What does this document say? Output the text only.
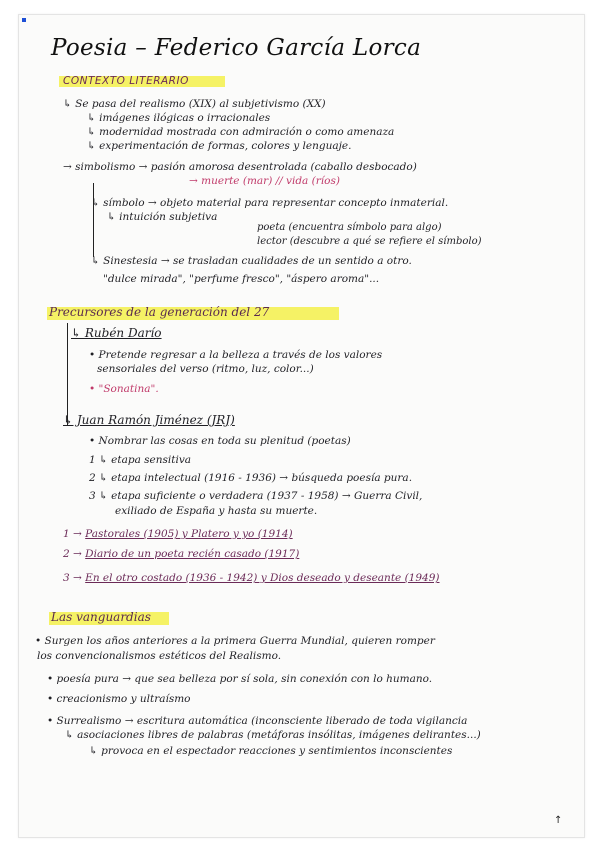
Poesia – Federico García Lorca
CONTEXTO LITERARIO
↳ Se pasa del realismo (XIX) al subjetivismo (XX)
↳ imágenes ilógicas o irracionales
↳ modernidad mostrada con admiración o como amenaza
↳ experimentación de formas, colores y lenguaje.
→ simbolismo → pasión amorosa desentrolada (caballo desbocado)
→ muerte (mar) // vida (ríos)
↳ símbolo → objeto material para representar concepto inmaterial.
↳ intuición subjetiva
poeta (encuentra símbolo para algo)
lector (descubre a qué se refiere el símbolo)
↳ Sinestesia → se trasladan cualidades de un sentido a otro.
"dulce mirada", "perfume fresco", "áspero aroma"...
Precursores de la generación del 27
↳ Rubén Darío
• Pretende regresar a la belleza a través de los valores
sensoriales del verso (ritmo, luz, color...)
• "Sonatina".
↳ Juan Ramón Jiménez (JRJ)
• Nombrar las cosas en toda su plenitud (poetas)
1 ↳ etapa sensitiva
2 ↳ etapa intelectual (1916 - 1936) → búsqueda poesía pura.
3 ↳ etapa suficiente o verdadera (1937 - 1958) → Guerra Civil,
exiliado de España y hasta su muerte.
1 → Pastorales (1905) y Platero y yo (1914)
2 → Diario de un poeta recién casado (1917)
3 → En el otro costado (1936 - 1942) y Dios deseado y deseante (1949)
Las vanguardias
• Surgen los años anteriores a la primera Guerra Mundial, quieren romper
los convencionalismos estéticos del Realismo.
• poesía pura → que sea belleza por sí sola, sin conexión con lo humano.
• creacionismo y ultraísmo
• Surrealismo → escritura automática (inconsciente liberado de toda vigilancia
↳ asociaciones libres de palabras (metáforas insólitas, imágenes delirantes...)
↳ provoca en el espectador reacciones y sentimientos inconscientes
↑
